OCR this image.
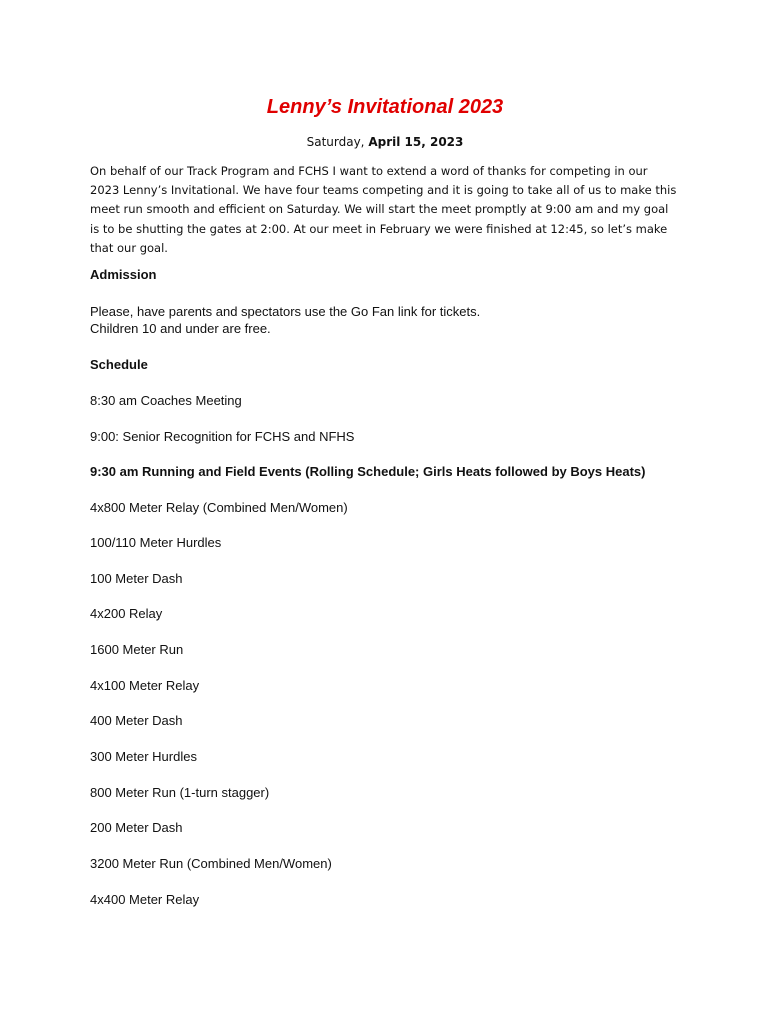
Lenny’s Invitational 2023

Saturday, April 15, 2023

On behalf of our Track Program and FCHS I want to extend a word of thanks for competing in our 2023 Lenny’s Invitational. We have four teams competing and it is going to take all of us to make this meet run smooth and efficient on Saturday. We will start the meet promptly at 9:00 am and my goal is to be shutting the gates at 2:00. At our meet in February we were finished at 12:45, so let’s make that our goal.

Admission

Please, have parents and spectators use the Go Fan link for tickets.

Children 10 and under are free.

Schedule

8:30 am Coaches Meeting

9:00: Senior Recognition for FCHS and NFHS

9:30 am Running and Field Events (Rolling Schedule; Girls Heats followed by Boys Heats)

4x800 Meter Relay (Combined Men/Women)

100/110 Meter Hurdles

100 Meter Dash

4x200 Relay

1600 Meter Run

4x100 Meter Relay

400 Meter Dash

300 Meter Hurdles

800 Meter Run (1-turn stagger)

200 Meter Dash

3200 Meter Run (Combined Men/Women)

4x400 Meter Relay
